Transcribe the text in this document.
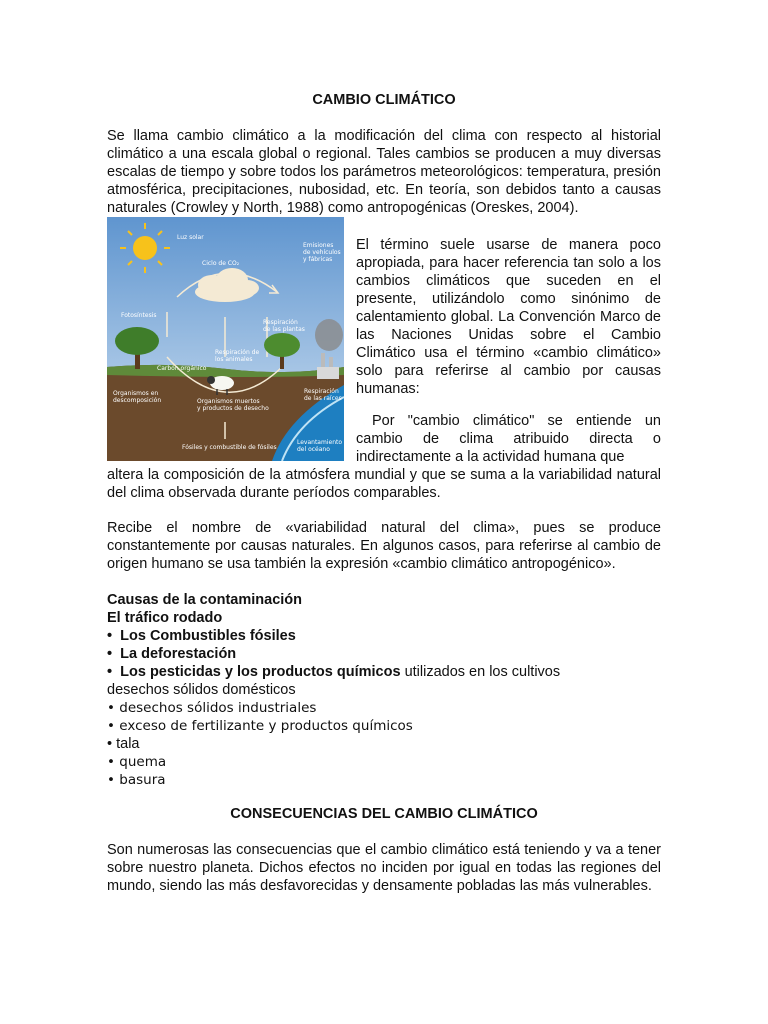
CAMBIO CLIMÁTICO

Se llama cambio climático a la modificación del clima con respecto al historial climático a una escala global o regional. Tales cambios se producen a muy diversas escalas de tiempo y sobre todos los parámetros meteorológicos: temperatura, presión atmosférica, precipitaciones, nubosidad, etc. En teoría, son debidos tanto a causas naturales (Crowley y North, 1988) como antropogénicas (Oreskes, 2004).

Luz solar
Ciclo de CO₂
Emisiones
de vehículos
y fábricas
Fotosíntesis
Respiración
de las plantas
Respiración de
los animales
Carbón orgánico
Organismos en
descomposición	Organismos muertos
y productos de desecho
Respiración
de las raíces
Fósiles y combustible de fósiles
Levantamiento
del océano

El término suele usarse de manera poco apropiada, para hacer referencia tan solo a los cambios climáticos que suceden en el presente, utilizándolo como sinónimo de calentamiento global. La Convención Marco de las Naciones Unidas sobre el Cambio Climático usa el término «cambio climático» solo para referirse al cambio por causas humanas:

Por "cambio climático" se entiende un cambio de clima atribuido directa o indirectamente a la actividad humana que

altera la composición de la atmósfera mundial y que se suma a la variabilidad natural del clima observada durante períodos comparables.

Recibe el nombre de «variabilidad natural del clima», pues se produce constantemente por causas naturales. En algunos casos, para referirse al cambio de origen humano se usa también la expresión «cambio climático antropogénico».

Causas de la contaminación
El tráfico rodado
• Los Combustibles fósiles
• La deforestación
• Los pesticidas y los productos químicos utilizados en los cultivos
desechos sólidos domésticos
• desechos sólidos industriales
• exceso de fertilizante y productos químicos
• tala
• quema
• basura
CONSECUENCIAS DEL CAMBIO CLIMÁTICO

Son numerosas las consecuencias que el cambio climático está teniendo y va a tener sobre nuestro planeta. Dichos efectos no inciden por igual en todas las regiones del mundo, siendo las más desfavorecidas y densamente pobladas las más vulnerables.
